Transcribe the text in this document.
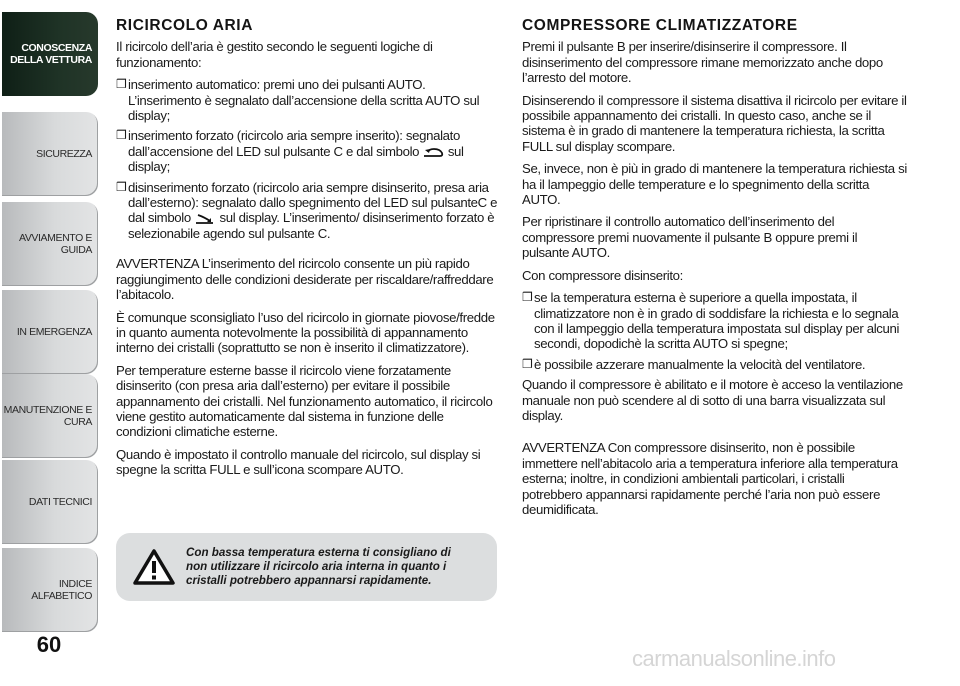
CONOSCENZA
DELLA VETTURA
SICUREZZA
AVVIAMENTO E
GUIDA
IN EMERGENZA
MANUTENZIONE E
CURA
DATI TECNICI
INDICE ALFABETICO
60
RICIRCOLO ARIA

Il ricircolo dell’aria è gestito secondo le seguenti logiche di funzionamento:

❒ inserimento automatico: premi uno dei pulsanti AUTO. L’inserimento è segnalato dall’accensione della scritta AUTO sul display;
❒ inserimento forzato (ricircolo aria sempre inserito): segnalato dall’accensione del LED sul pulsante C e dal simbolo sul display;
❒ disinserimento forzato (ricircolo aria sempre disinserito, presa aria dall’esterno): segnalato dallo spegnimento del LED sul pulsanteC e dal simbolo sul display. L’inserimento/ disinserimento forzato è selezionabile agendo sul pulsante C.

AVVERTENZA L’inserimento del ricircolo consente un più rapido raggiungimento delle condizioni desiderate per riscaldare/raffreddare l’abitacolo.

È comunque sconsigliato l’uso del ricircolo in giornate piovose/fredde in quanto aumenta notevolmente la possibilità di appannamento interno dei cristalli (soprattutto se non è inserito il climatizzatore).

Per temperature esterne basse il ricircolo viene forzatamente disinserito (con presa aria dall’esterno) per evitare il possibile appannamento dei cristalli. Nel funzionamento automatico, il ricircolo viene gestito automaticamente dal sistema in funzione delle condizioni climatiche esterne.

Quando è impostato il controllo manuale del ricircolo, sul display si spegne la scritta FULL e sull’icona scompare AUTO.

Con bassa temperatura esterna ti consigliano di non utilizzare il ricircolo aria interna in quanto i cristalli potrebbero appannarsi rapidamente.
COMPRESSORE CLIMATIZZATORE

Premi il pulsante B per inserire/disinserire il compressore. Il disinserimento del compressore rimane memorizzato anche dopo l’arresto del motore.

Disinserendo il compressore il sistema disattiva il ricircolo per evitare il possibile appannamento dei cristalli. In questo caso, anche se il sistema è in grado di mantenere la temperatura richiesta, la scritta FULL sul display scompare.

Se, invece, non è più in grado di mantenere la temperatura richiesta si ha il lampeggio delle temperature e lo spegnimento della scritta AUTO.

Per ripristinare il controllo automatico dell’inserimento del compressore premi nuovamente il pulsante B oppure premi il pulsante AUTO.

Con compressore disinserito:

❒ se la temperatura esterna è superiore a quella impostata, il climatizzatore non è in grado di soddisfare la richiesta e lo segnala con il lampeggio della temperatura impostata sul display per alcuni secondi, dopodichè la scritta AUTO si spegne;
❒ è possibile azzerare manualmente la velocità del ventilatore.

Quando il compressore è abilitato e il motore è acceso la ventilazione manuale non può scendere al di sotto di una barra visualizzata sul display.

AVVERTENZA Con compressore disinserito, non è possibile immettere nell’abitacolo aria a temperatura inferiore alla temperatura esterna; inoltre, in condizioni ambientali particolari, i cristalli potrebbero appannarsi rapidamente perché l’aria non può essere deumidificata.

carmanualsonline.info
